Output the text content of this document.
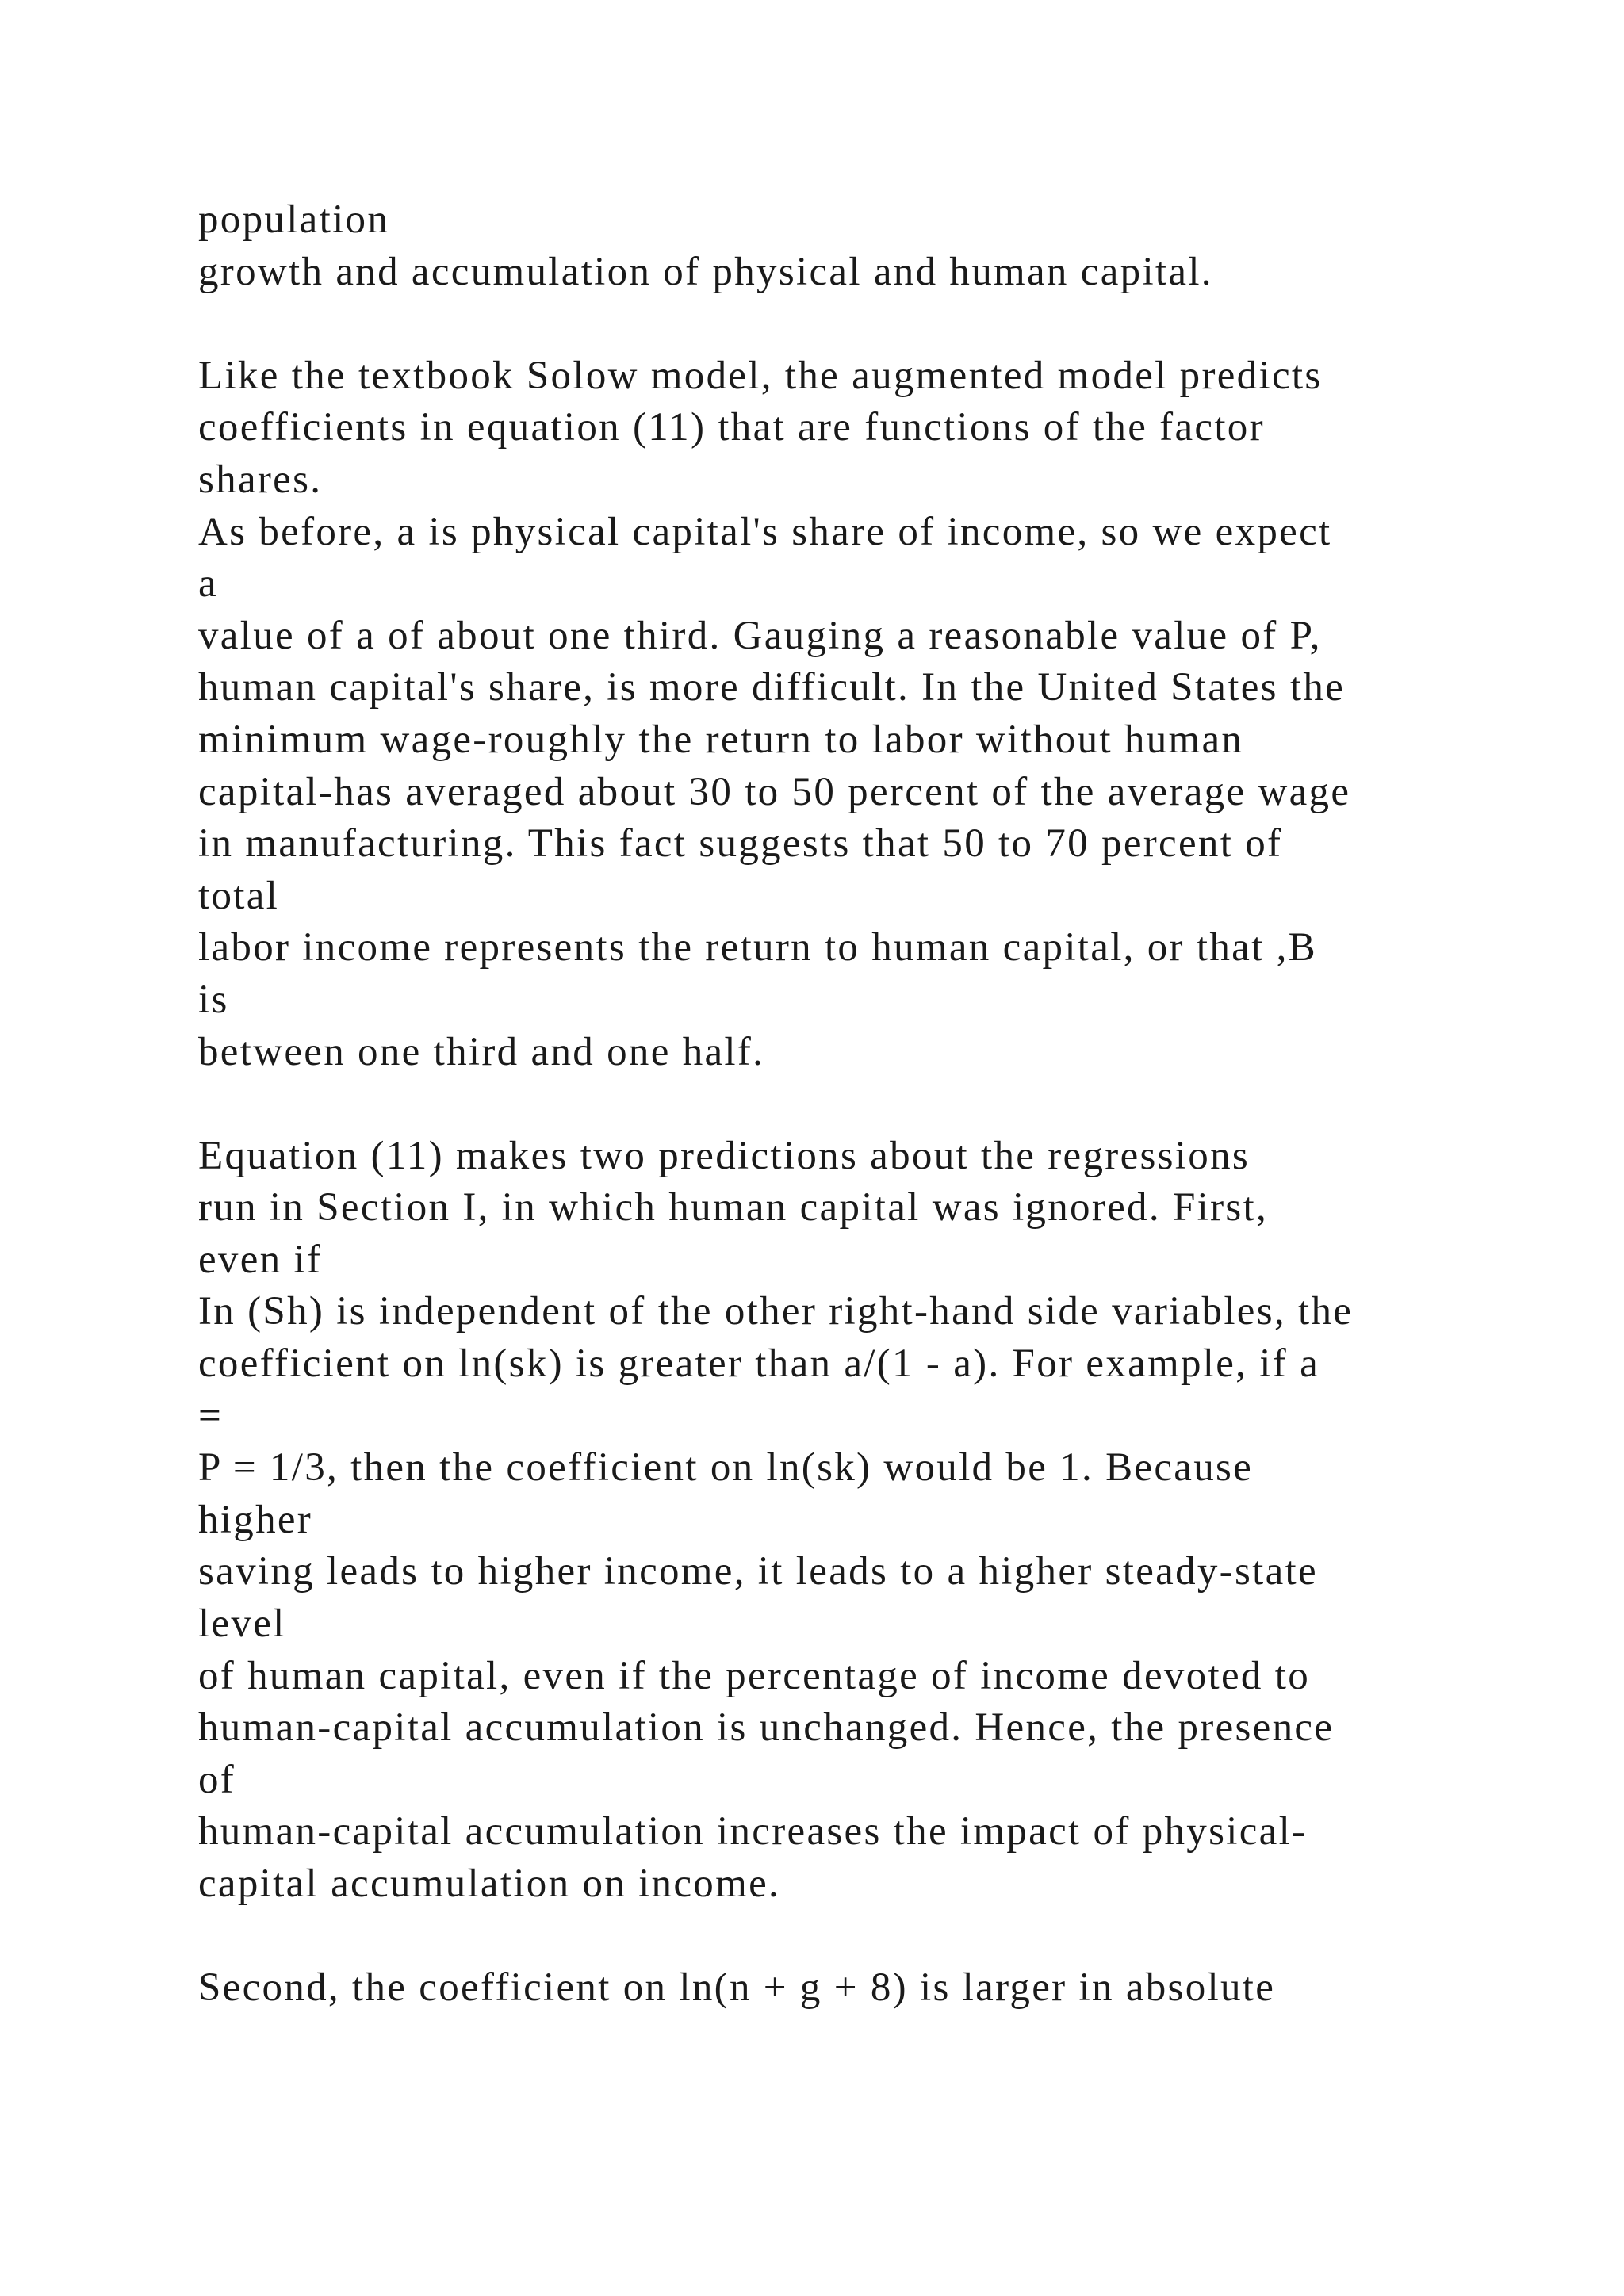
population
growth and accumulation of physical and human capital.
Like the textbook Solow model, the augmented model predicts
coefficients in equation (11) that are functions of the factor
shares.
As before, a is physical capital's share of income, so we expect
a
value of a of about one third. Gauging a reasonable value of P,
human capital's share, is more difficult. In the United States the
minimum wage-roughly the return to labor without human
capital-has averaged about 30 to 50 percent of the average wage
in manufacturing. This fact suggests that 50 to 70 percent of
total
labor income represents the return to human capital, or that ,B
is
between one third and one half.
Equation (11) makes two predictions about the regressions
run in Section I, in which human capital was ignored. First,
even if
In (Sh) is independent of the other right-hand side variables, the
coefficient on ln(sk) is greater than a/(1 - a). For example, if a
=
P = 1/3, then the coefficient on ln(sk) would be 1. Because
higher
saving leads to higher income, it leads to a higher steady-state
level
of human capital, even if the percentage of income devoted to
human-capital accumulation is unchanged. Hence, the presence
of
human-capital accumulation increases the impact of physical-
capital accumulation on income.
Second, the coefficient on ln(n + g + 8) is larger in absolute
